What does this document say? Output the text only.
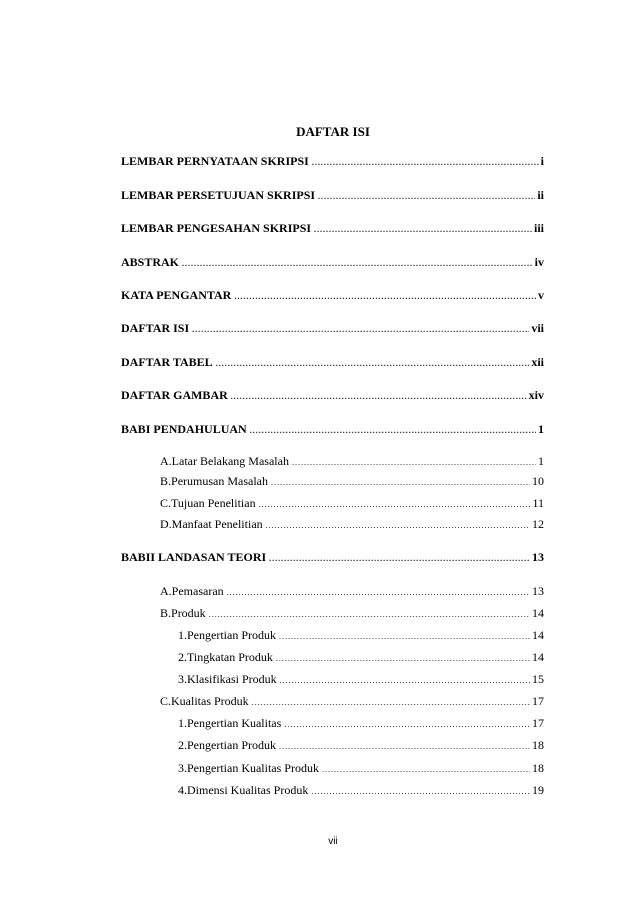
DAFTAR ISI
LEMBAR PERNYATAAN SKRIPSI .....	i
LEMBAR PERSETUJUAN SKRIPSI .....	ii
LEMBAR PENGESAHAN SKRIPSI .....	iii
ABSTRAK .....	iv
KATA PENGANTAR .....	v
DAFTAR ISI .....	vii
DAFTAR TABEL .....	xii
DAFTAR GAMBAR .....	xiv
BAB I PENDAHULUAN .....	1
A. Latar Belakang Masalah .....	1
B. Perumusan Masalah .....	10
C. Tujuan Penelitian .....	11
D. Manfaat Penelitian .....	12
BAB II LANDASAN TEORI .....	13
A. Pemasaran .....	13
B. Produk .....	14
1. Pengertian Produk .....	14
2. Tingkatan Produk .....	14
3. Klasifikasi Produk .....	15
C. Kualitas Produk .....	17
1. Pengertian Kualitas .....	17
2. Pengertian Produk .....	18
3. Pengertian Kualitas Produk .....	18
4. Dimensi Kualitas Produk .....	19
vii
